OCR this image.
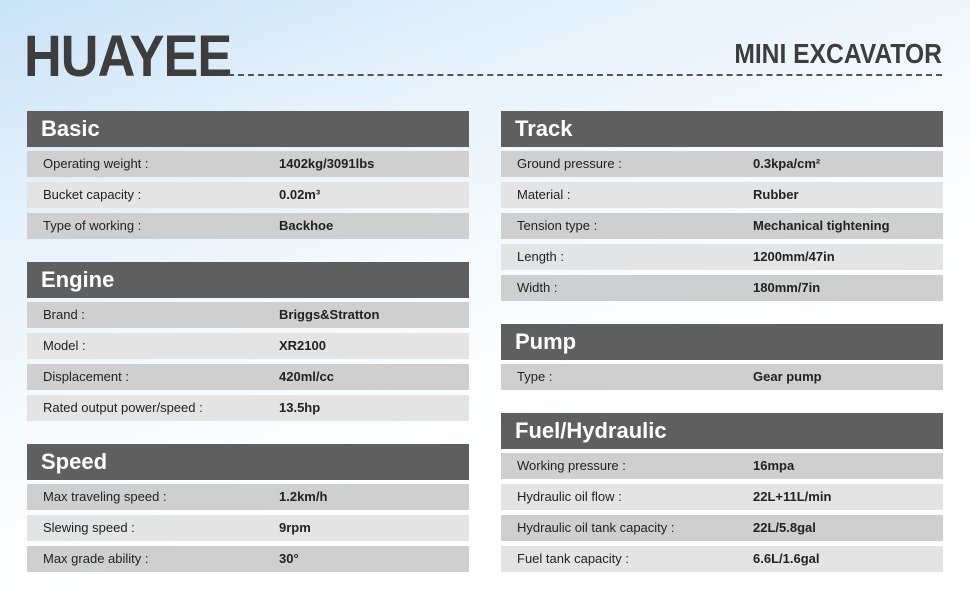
HUAYEE	MINI EXCAVATOR
Basic
Operating weight :	1402kg/3091lbs
Bucket capacity :	0.02m³
Type of working :	Backhoe
Engine
Brand :	Briggs&Stratton
Model :	XR2100
Displacement :	420ml/cc
Rated output power/speed :	13.5hp
Speed
Max traveling speed :	1.2km/h
Slewing speed :	9rpm
Max grade ability :	30°
Track
Ground pressure :	0.3kpa/cm²
Material :	Rubber
Tension type :	Mechanical tightening
Length :	1200mm/47in
Width :	180mm/7in
Pump
Type :	Gear pump
Fuel/Hydraulic
Working pressure :	16mpa
Hydraulic oil flow :	22L+11L/min
Hydraulic oil tank capacity :	22L/5.8gal
Fuel tank capacity :	6.6L/1.6gal
